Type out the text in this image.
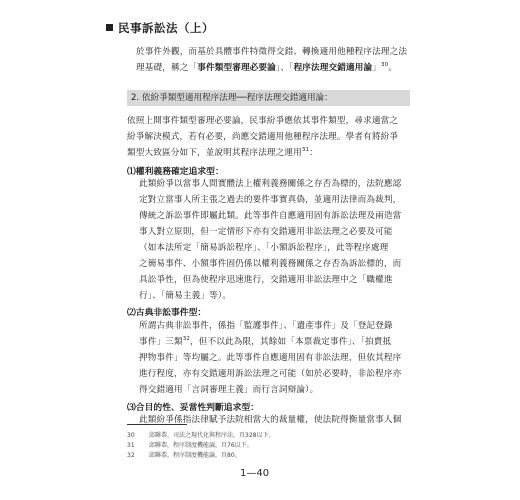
民事訴訟法（上）
於事件外觀，而基於具體事件特徵得交錯、轉換適用他種程序法理之法
理基礎，稱之「事件類型審理必要論」、「程序法理交錯適用論」$^{30}$。
2. 依紛爭類型適用程序法理──程序法理交錯適用論：
依照上開事件類型審理必要論，民事紛爭應依其事件類型，尋求適當之
紛爭解決模式，若有必要，尚應交錯適用他種程序法理。學者有將紛爭
類型大致區分如下，並說明其程序法理之運用$^{31}$：
⑴權利義務確定追求型：
此類紛爭以當事人間實體法上權利義務關係之存否為標的，法院應認
定對立當事人所主張之過去的要件事實真偽，並適用法律而為裁判，
傳統之訴訟事件即屬此類。此等事件自應適用固有訴訟法理及兩造當
事人對立原則，但一定情形下亦有交錯適用非訟法理之必要及可能
（如本法所定「簡易訴訟程序」、「小額訴訟程序」，此等程序處理
之簡易事件、小額事件固仍係以權利義務關係之存否為訴訟標的，而
具訟爭性，但為使程序迅速進行，交錯適用非訟法理中之「職權進
行」、「簡易主義」等）。
⑵古典非訟事件型：
所謂古典非訟事件，係指「監護事件」、「遺產事件」及「登記登錄
事件」三類$^{32}$，但不以此為限，其餘如「本票裁定事件」、「拍賣抵
押物事件」等均屬之。此等事件自應適用固有非訟法理，但依其程序
進行程度，亦有交錯適用訴訟法理之可能（如於必要時，非訟程序亦
得交錯適用「言詞審理主義」而行言詞辯論）。
⑶合目的性、妥當性判斷追求型：
此類紛爭係指法律賦予法院相當大的裁量權，使法院得衡量當事人個
30 邱聯恭，司法之現代化與程序法，頁328以下。
31 邱聯恭，程序制度機能論，頁76以下。
32 邱聯恭，程序制度機能論，頁80。
1—40
